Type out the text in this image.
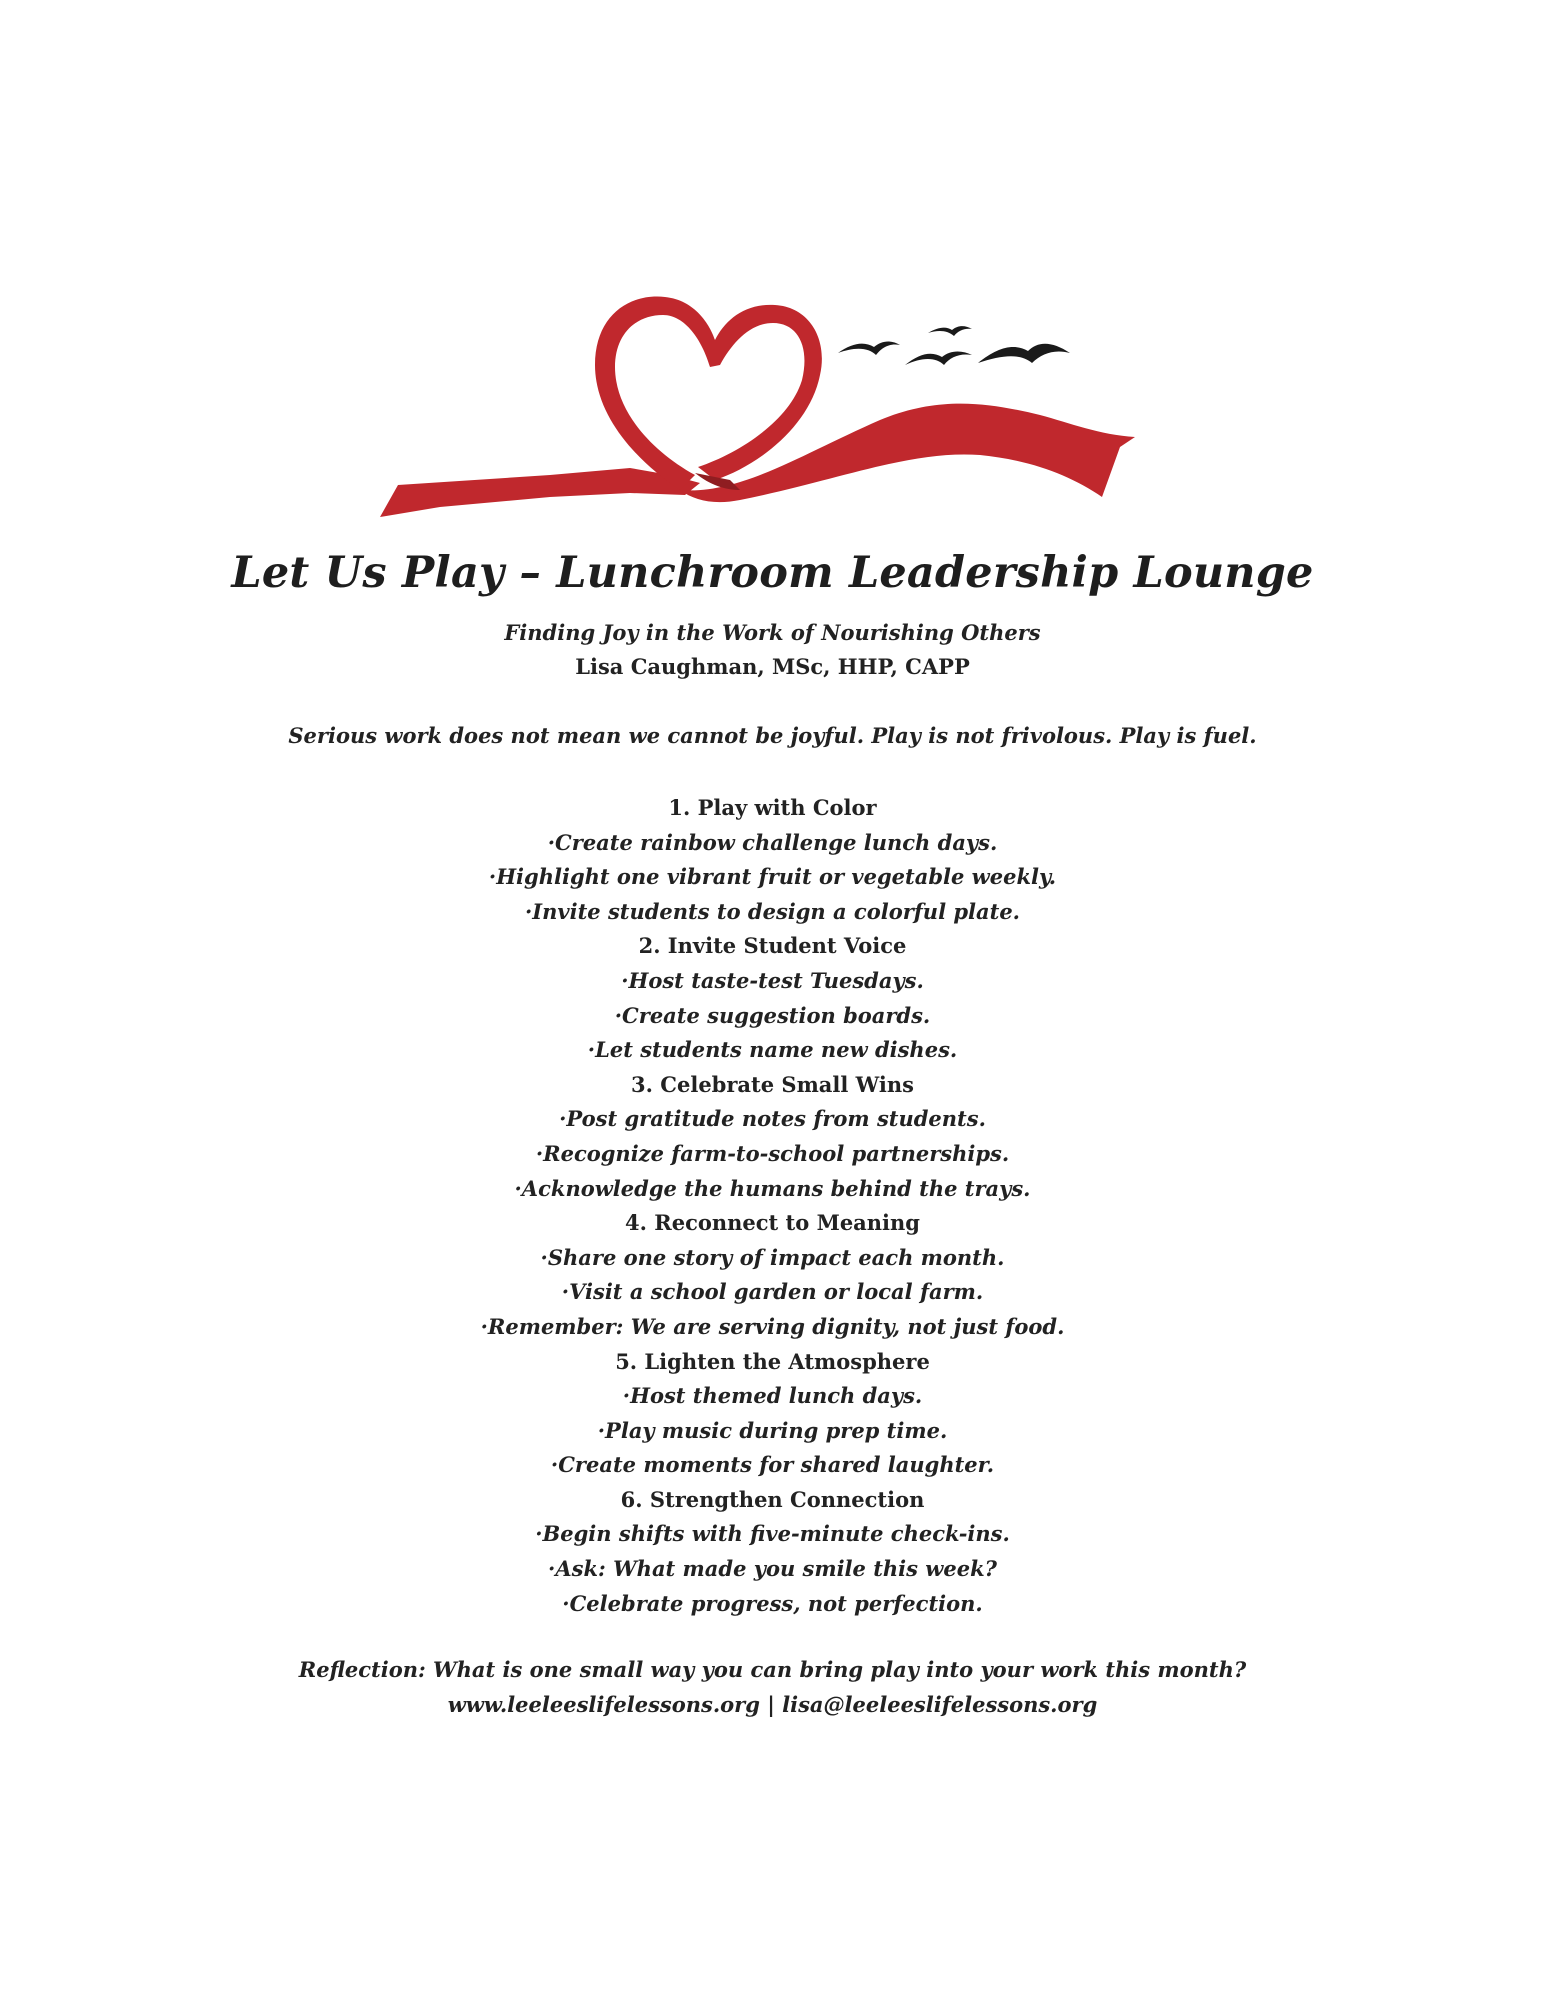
Let Us Play – Lunchroom Leadership Lounge
Finding Joy in the Work of Nourishing Others
Lisa Caughman, MSc, HHP, CAPP
Serious work does not mean we cannot be joyful. Play is not frivolous. Play is fuel.
1. Play with Color
·Create rainbow challenge lunch days.
·Highlight one vibrant fruit or vegetable weekly.
·Invite students to design a colorful plate.
2. Invite Student Voice
·Host taste-test Tuesdays.
·Create suggestion boards.
·Let students name new dishes.
3. Celebrate Small Wins
·Post gratitude notes from students.
·Recognize farm-to-school partnerships.
·Acknowledge the humans behind the trays.
4. Reconnect to Meaning
·Share one story of impact each month.
·Visit a school garden or local farm.
·Remember: We are serving dignity, not just food.
5. Lighten the Atmosphere
·Host themed lunch days.
·Play music during prep time.
·Create moments for shared laughter.
6. Strengthen Connection
·Begin shifts with five-minute check-ins.
·Ask: What made you smile this week?
·Celebrate progress, not perfection.
Reflection: What is one small way you can bring play into your work this month?
www.leeleeslifelessons.org | lisa@leeleeslifelessons.org
